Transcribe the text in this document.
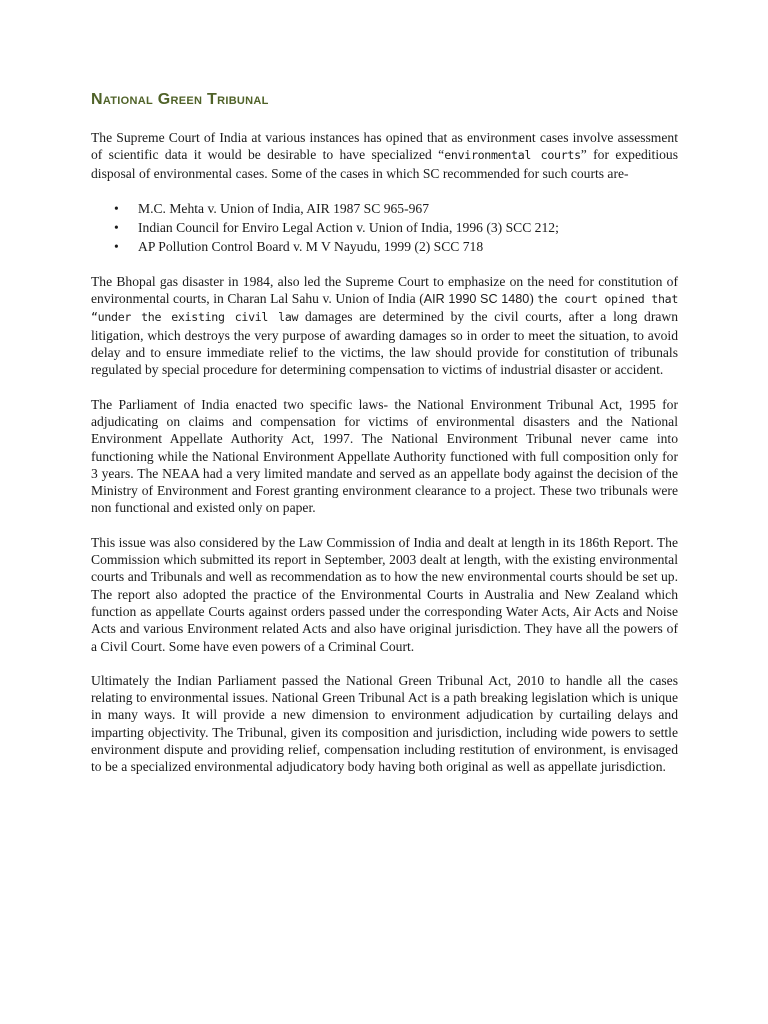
National Green Tribunal

The Supreme Court of India at various instances has opined that as environment cases involve assessment of scientific data it would be desirable to have specialized “environmental courts” for expeditious disposal of environmental cases. Some of the cases in which SC recommended for such courts are-

• M.C. Mehta v. Union of India, AIR 1987 SC 965-967
• Indian Council for Enviro Legal Action v. Union of India, 1996 (3) SCC 212;
• AP Pollution Control Board v. M V Nayudu, 1999 (2) SCC 718

The Bhopal gas disaster in 1984, also led the Supreme Court to emphasize on the need for constitution of environmental courts, in Charan Lal Sahu v. Union of India (AIR 1990 SC 1480) the court opined that “under the existing civil law damages are determined by the civil courts, after a long drawn litigation, which destroys the very purpose of awarding damages so in order to meet the situation, to avoid delay and to ensure immediate relief to the victims, the law should provide for constitution of tribunals regulated by special procedure for determining compensation to victims of industrial disaster or accident.

The Parliament of India enacted two specific laws- the National Environment Tribunal Act, 1995 for adjudicating on claims and compensation for victims of environmental disasters and the National Environment Appellate Authority Act, 1997. The National Environment Tribunal never came into functioning while the National Environment Appellate Authority functioned with full composition only for 3 years. The NEAA had a very limited mandate and served as an appellate body against the decision of the Ministry of Environment and Forest granting environment clearance to a project. These two tribunals were non functional and existed only on paper.

This issue was also considered by the Law Commission of India and dealt at length in its 186th Report. The Commission which submitted its report in September, 2003 dealt at length, with the existing environmental courts and Tribunals and well as recommendation as to how the new environmental courts should be set up. The report also adopted the practice of the Environmental Courts in Australia and New Zealand which function as appellate Courts against orders passed under the corresponding Water Acts, Air Acts and Noise Acts and various Environment related Acts and also have original jurisdiction. They have all the powers of a Civil Court. Some have even powers of a Criminal Court.

Ultimately the Indian Parliament passed the National Green Tribunal Act, 2010 to handle all the cases relating to environmental issues. National Green Tribunal Act is a path breaking legislation which is unique in many ways. It will provide a new dimension to environment adjudication by curtailing delays and imparting objectivity. The Tribunal, given its composition and jurisdiction, including wide powers to settle environment dispute and providing relief, compensation including restitution of environment, is envisaged to be a specialized environmental adjudicatory body having both original as well as appellate jurisdiction.
